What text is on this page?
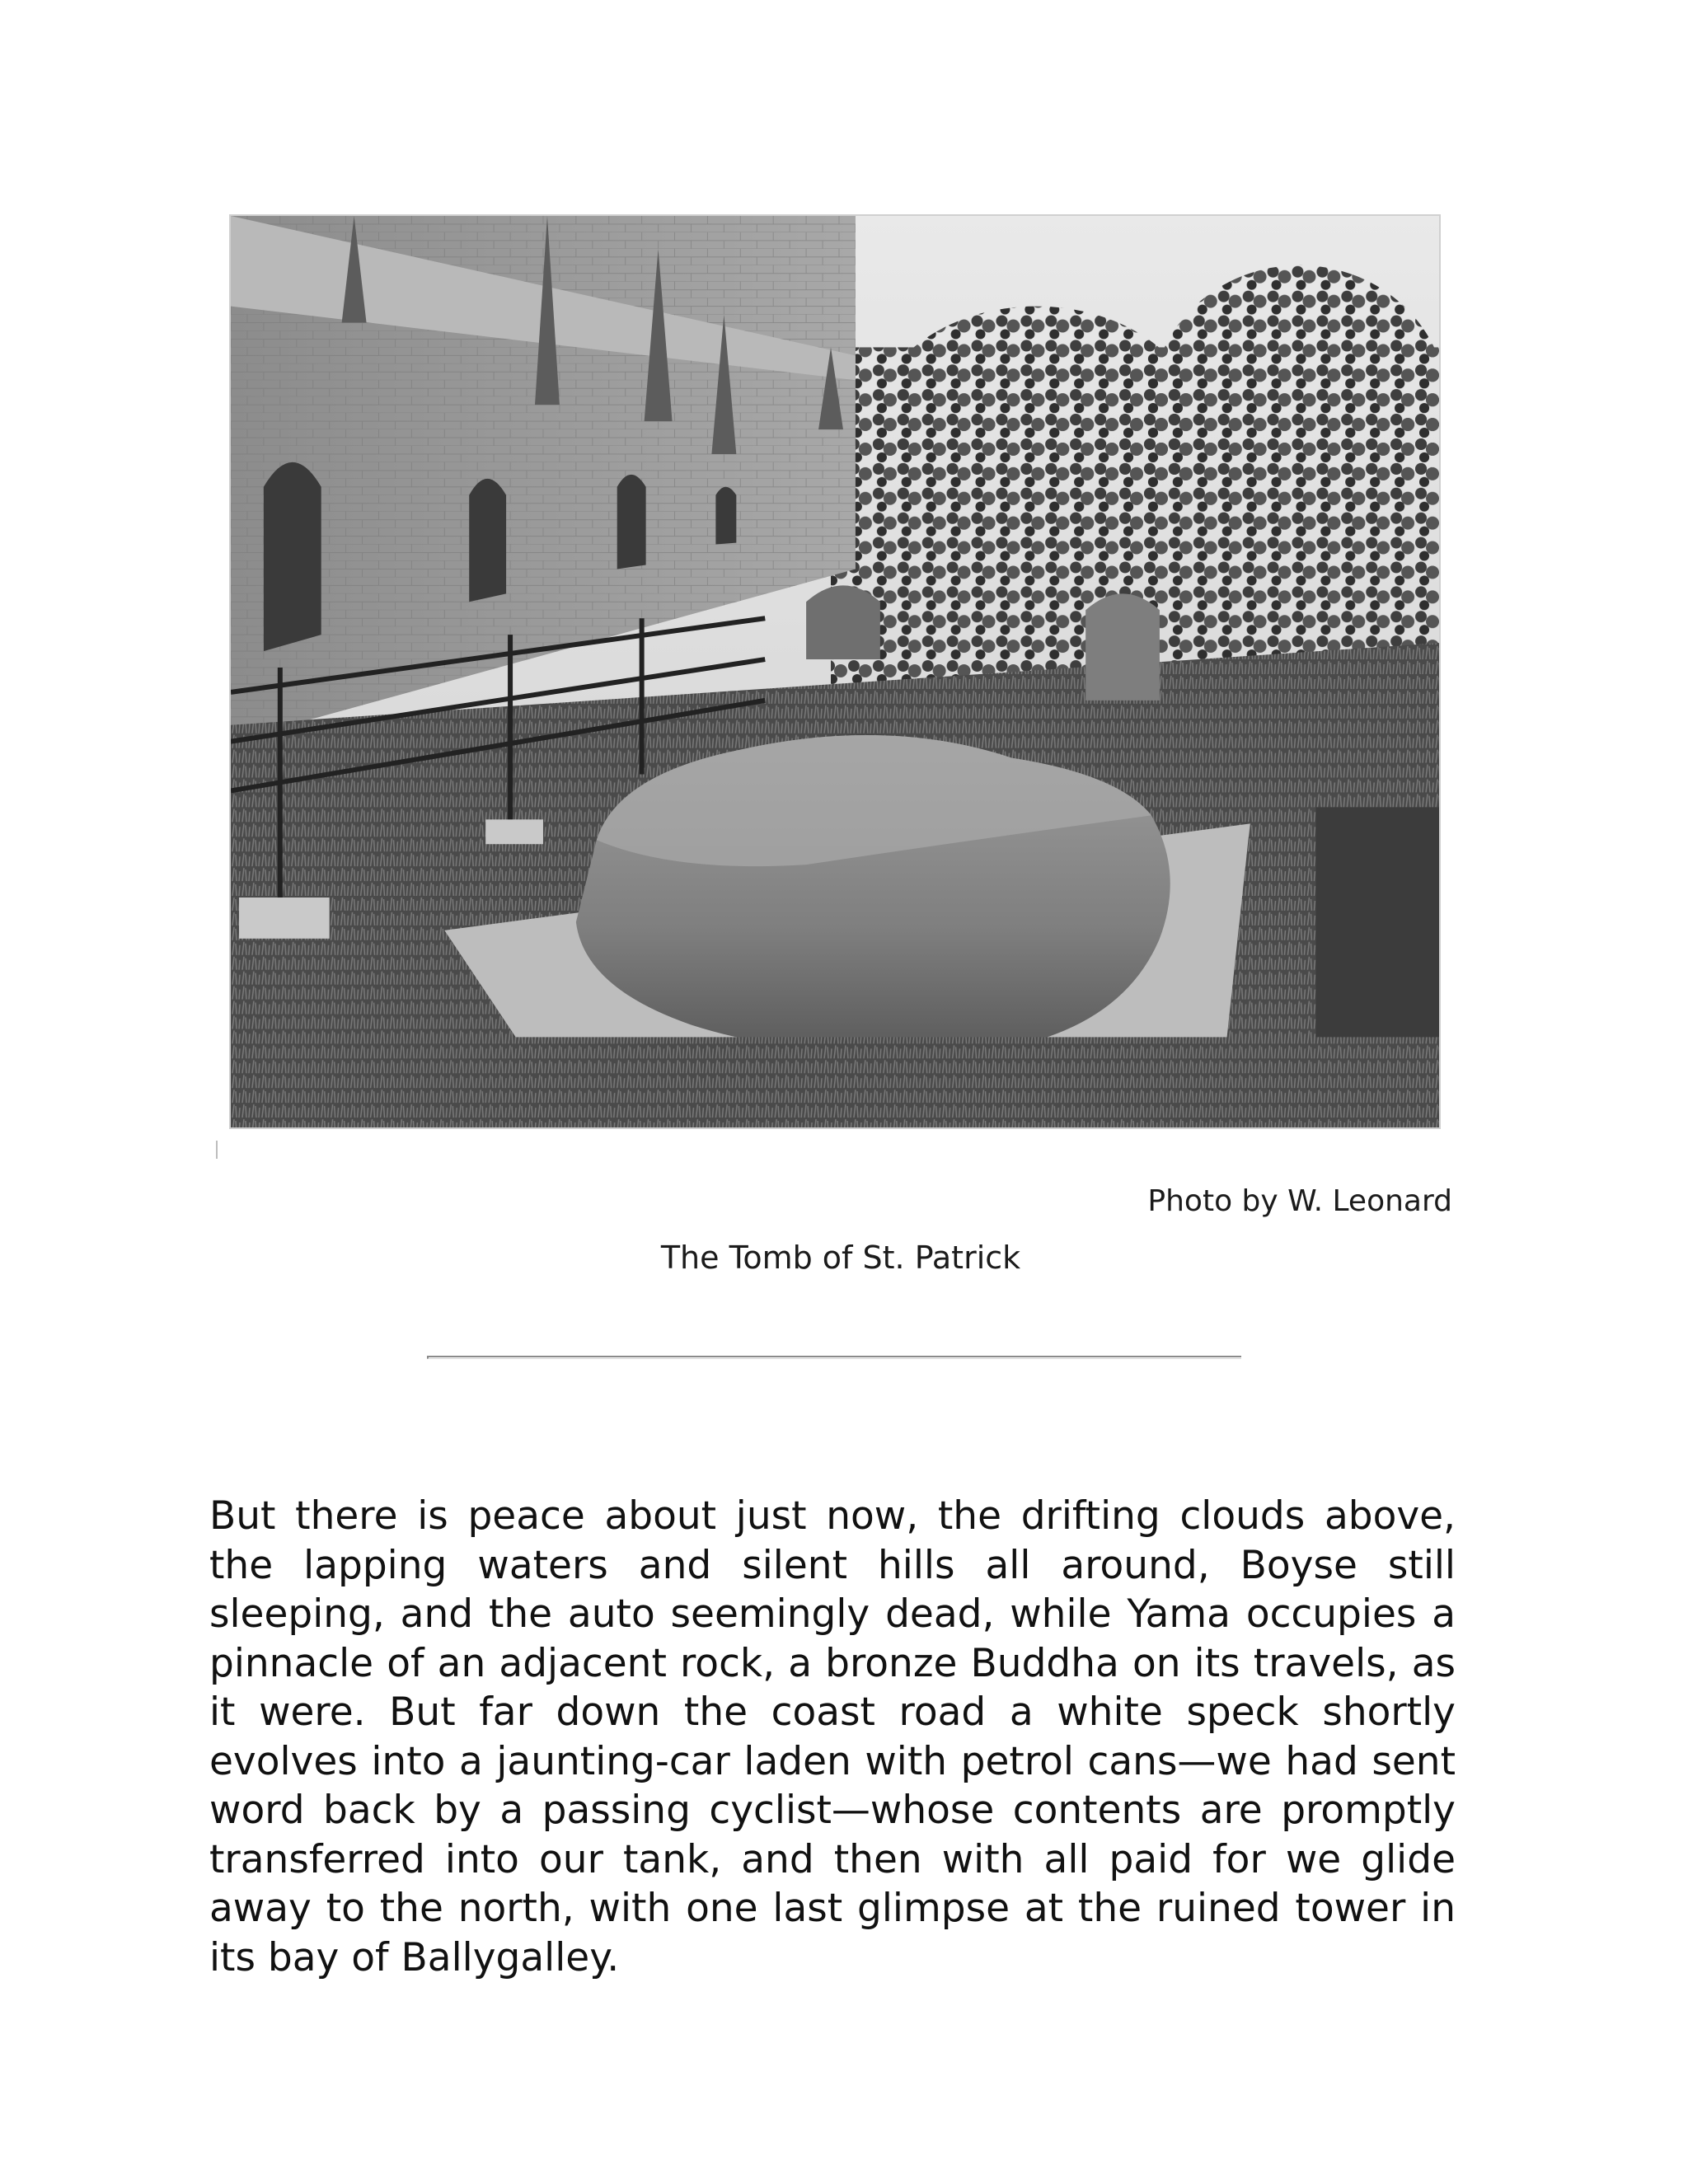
Photo by W. Leonard
The Tomb of St. Patrick

But there is peace about just now, the drifting clouds above, the lapping waters and silent hills all around, Boyse still sleeping, and the auto seemingly dead, while Yama occupies a pinnacle of an adjacent rock, a bronze Buddha on its travels, as it were. But far down the coast road a white speck shortly evolves into a jaunting-car laden with petrol cans—we had sent word back by a passing cyclist—whose contents are promptly transferred into our tank, and then with all paid for we glide away to the north, with one last glimpse at the ruined tower in its bay of Ballygalley.
